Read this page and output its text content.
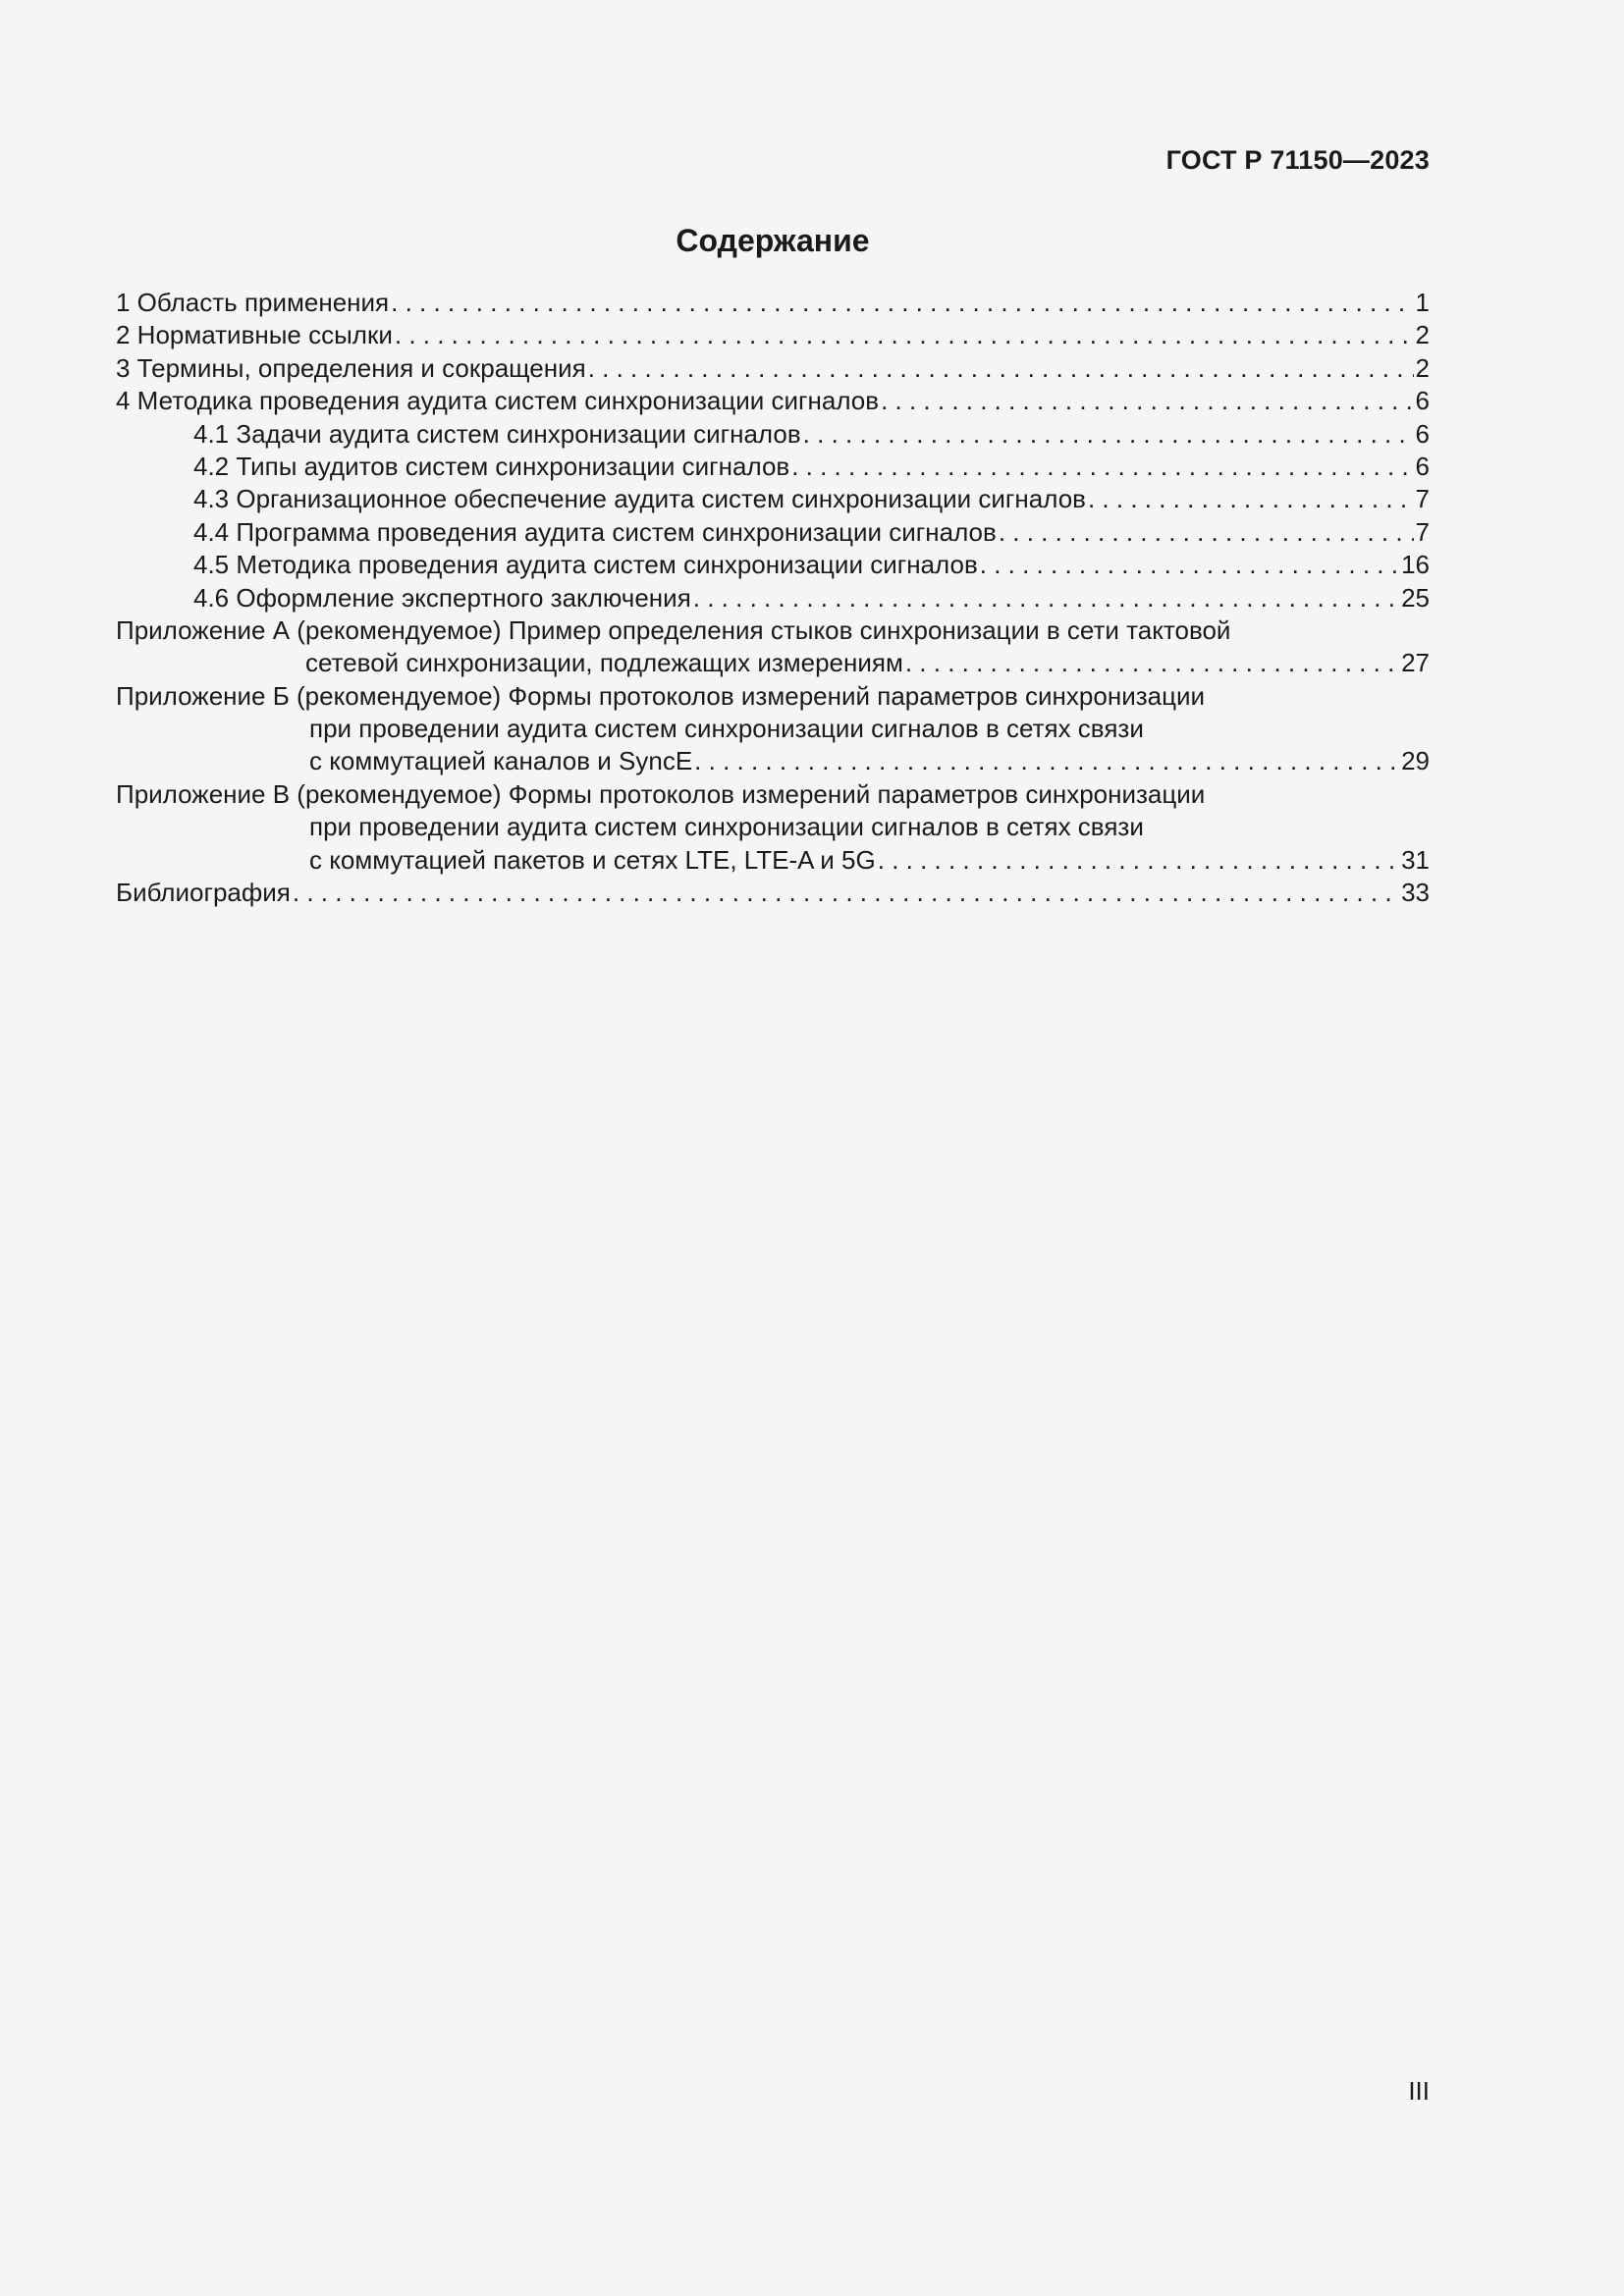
ГОСТ Р 71150—2023
Содержание
1 Область применения . . .	1
2 Нормативные ссылки . . .	2
3 Термины, определения и сокращения . . .	2
4 Методика проведения аудита систем синхронизации сигналов . . .	6
4.1 Задачи аудита систем синхронизации сигналов . . .	6
4.2 Типы аудитов систем синхронизации сигналов . . .	6
4.3 Организационное обеспечение аудита систем синхронизации сигналов . . .	7
4.4 Программа проведения аудита систем синхронизации сигналов . . .	7
4.5 Методика проведения аудита систем синхронизации сигналов . . .	16
4.6 Оформление экспертного заключения . . .	25
Приложение А (рекомендуемое) Пример определения стыков синхронизации в сети тактовой
сетевой синхронизации, подлежащих измерениям . . .	27
Приложение Б (рекомендуемое) Формы протоколов измерений параметров синхронизации
при проведении аудита систем синхронизации сигналов в сетях связи
с коммутацией каналов и SyncE . . .	29
Приложение В (рекомендуемое) Формы протоколов измерений параметров синхронизации
при проведении аудита систем синхронизации сигналов в сетях связи
с коммутацией пакетов и сетях LTE, LTE-A и 5G . . .	31
Библиография . . .	33
III
